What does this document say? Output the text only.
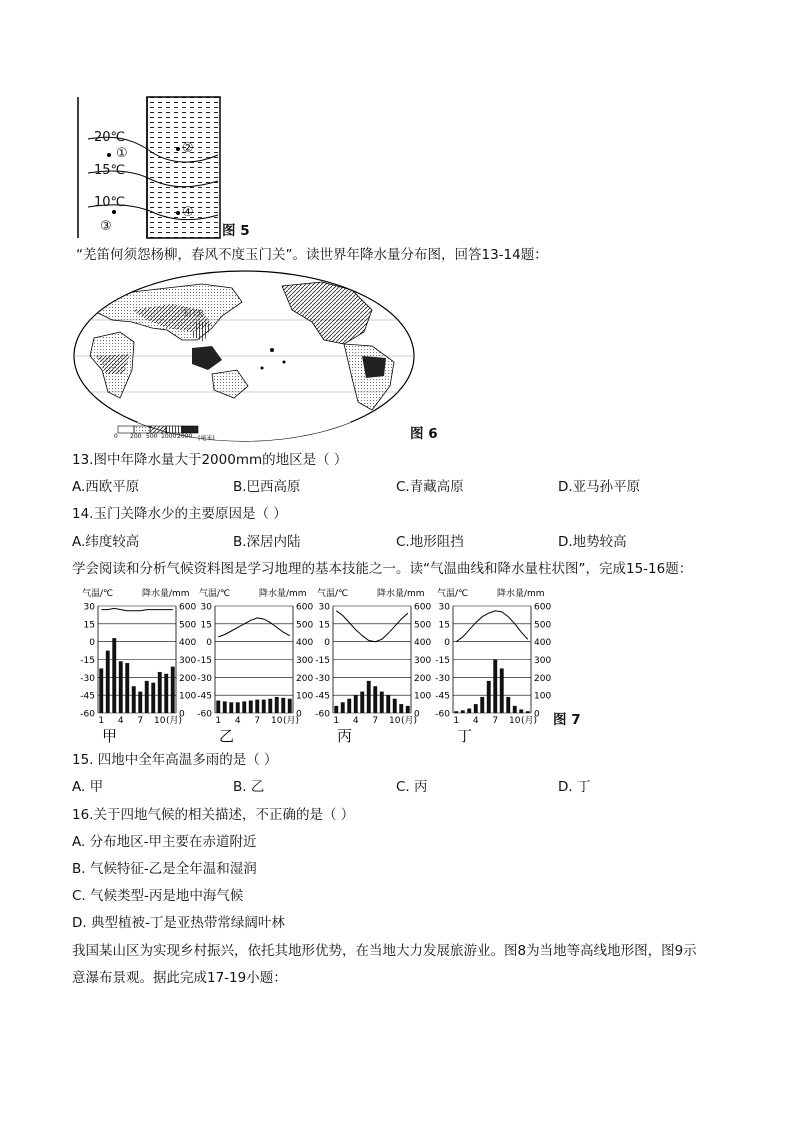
20℃
①	②
15℃
10℃
③
④
图 5
“羌笛何须怨杨柳，春风不度玉门关”。读世界年降水量分布图，回答13-14题：
玉门关
0 200 500 1000 2000 (毫米)	图 6
13.图中年降水量大于2000mm的地区是（ ）
A.西欧平原	B.巴西高原	C.青藏高原	D.亚马孙平原
14.玉门关降水少的主要原因是（ ）
A.纬度较高	B.深居内陆	C.地形阻挡	D.地势较高
学会阅读和分析气候资料图是学习地理的基本技能之一。读“气温曲线和降水量柱状图”，完成15-16题：
气温/℃	降水量/mm
30
15
0
-15
-30
-45
-60
600
500
400
300
200
100
0
1 4 7 10 (月)
甲
气温/℃	降水量/mm
30
15
0
-15
-30
-45
-60
600
500
400
300
200
100
0
1 4 7 10 (月)
乙
气温/℃	降水量/mm
30
15
0
-15
-30
-45
-60
600
500
400
300
200
100
0
1 4 7 10 (月)
丙
气温/℃	降水量/mm
30
15
0
-15
-30
-45
-60
600
500
400
300
200
100
0
1 4 7 10 (月)
丁
图 7
15. 四地中全年高温多雨的是（ ）
A. 甲	B. 乙	C. 丙	D. 丁
16.关于四地气候的相关描述，不正确的是（ ）
A. 分布地区-甲主要在赤道附近
B. 气候特征-乙是全年温和湿润
C. 气候类型-丙是地中海气候
D. 典型植被-丁是亚热带常绿阔叶林
我国某山区为实现乡村振兴，依托其地形优势，在当地大力发展旅游业。图8为当地等高线地形图，图9示
意瀑布景观。据此完成17-19小题：
